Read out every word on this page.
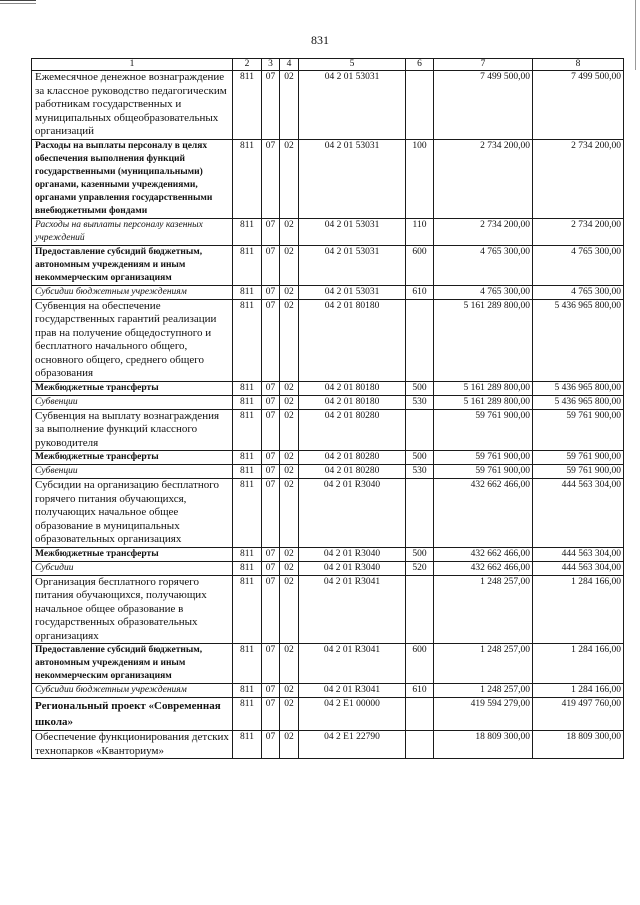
831
1	2	3	4	5	6	7	8
Ежемесячное денежное вознаграждение за классное руководство педагогическим работникам государственных и муниципальных общеобразовательных организаций	811	07	02	04 2 01 53031		7 499 500,00	7 499 500,00
Расходы на выплаты персоналу в целях обеспечения выполнения функций государственными (муниципальными) органами, казенными учреждениями, органами управления государственными внебюджетными фондами	811	07	02	04 2 01 53031	100	2 734 200,00	2 734 200,00
Расходы на выплаты персоналу казенных учреждений	811	07	02	04 2 01 53031	110	2 734 200,00	2 734 200,00
Предоставление субсидий бюджетным, автономным учреждениям и иным некоммерческим организациям	811	07	02	04 2 01 53031	600	4 765 300,00	4 765 300,00
Субсидии бюджетным учреждениям	811	07	02	04 2 01 53031	610	4 765 300,00	4 765 300,00
Субвенция на обеспечение государственных гарантий реализации прав на получение общедоступного и бесплатного начального общего, основного общего, среднего общего образования	811	07	02	04 2 01 80180		5 161 289 800,00	5 436 965 800,00
Межбюджетные трансферты	811	07	02	04 2 01 80180	500	5 161 289 800,00	5 436 965 800,00
Субвенции	811	07	02	04 2 01 80180	530	5 161 289 800,00	5 436 965 800,00
Субвенция на выплату вознаграждения за выполнение функций классного руководителя	811	07	02	04 2 01 80280		59 761 900,00	59 761 900,00
Межбюджетные трансферты	811	07	02	04 2 01 80280	500	59 761 900,00	59 761 900,00
Субвенции	811	07	02	04 2 01 80280	530	59 761 900,00	59 761 900,00
Субсидии на организацию бесплатного горячего питания обучающихся, получающих начальное общее образование в муниципальных образовательных организациях	811	07	02	04 2 01 R3040		432 662 466,00	444 563 304,00
Межбюджетные трансферты	811	07	02	04 2 01 R3040	500	432 662 466,00	444 563 304,00
Субсидии	811	07	02	04 2 01 R3040	520	432 662 466,00	444 563 304,00
Организация бесплатного горячего питания обучающихся, получающих начальное общее образование в государственных образовательных организациях	811	07	02	04 2 01 R3041		1 248 257,00	1 284 166,00
Предоставление субсидий бюджетным, автономным учреждениям и иным некоммерческим организациям	811	07	02	04 2 01 R3041	600	1 248 257,00	1 284 166,00
Субсидии бюджетным учреждениям	811	07	02	04 2 01 R3041	610	1 248 257,00	1 284 166,00
Региональный проект «Современная школа»	811	07	02	04 2 E1 00000		419 594 279,00	419 497 760,00
Обеспечение функционирования детских технопарков «Кванториум»	811	07	02	04 2 E1 22790		18 809 300,00	18 809 300,00
